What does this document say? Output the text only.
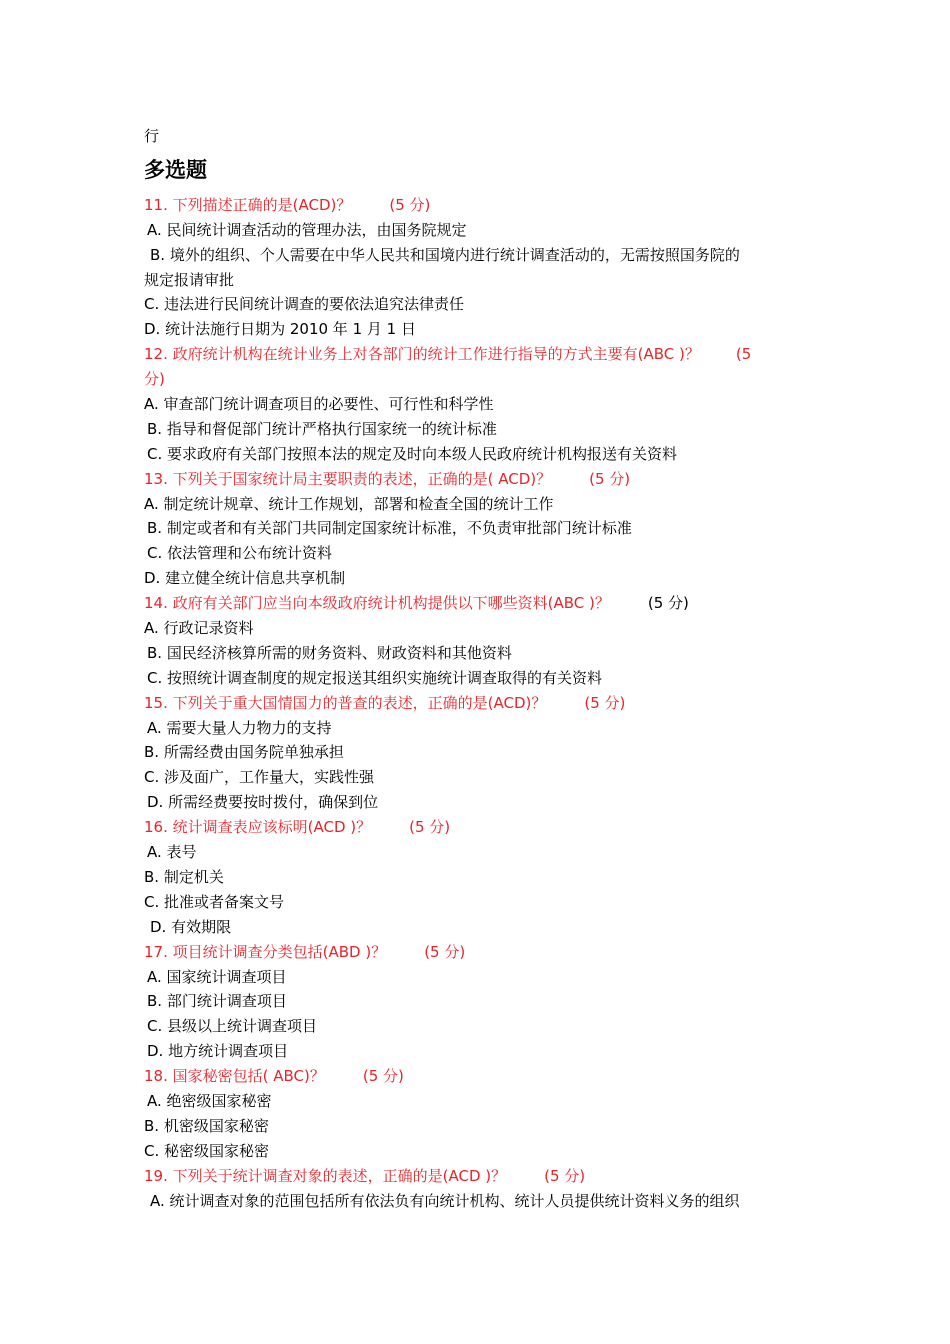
行
多选题
11. 下列描述正确的是(ACD)？	(5 分)
A. 民间统计调查活动的管理办法，由国务院规定
B. 境外的组织、个人需要在中华人民共和国境内进行统计调查活动的，无需按照国务院的
规定报请审批
C. 违法进行民间统计调查的要依法追究法律责任
D. 统计法施行日期为 2010 年 1 月 1 日
12. 政府统计机构在统计业务上对各部门的统计工作进行指导的方式主要有(ABC )？ (5
分)
A. 审查部门统计调查项目的必要性、可行性和科学性
B. 指导和督促部门统计严格执行国家统一的统计标准
C. 要求政府有关部门按照本法的规定及时向本级人民政府统计机构报送有关资料
13. 下列关于国家统计局主要职责的表述，正确的是( ACD)？	(5 分)
A. 制定统计规章、统计工作规划，部署和检查全国的统计工作
B. 制定或者和有关部门共同制定国家统计标准，不负责审批部门统计标准
C. 依法管理和公布统计资料
D. 建立健全统计信息共享机制
14. 政府有关部门应当向本级政府统计机构提供以下哪些资料(ABC )？	(5 分)
A. 行政记录资料
B. 国民经济核算所需的财务资料、财政资料和其他资料
C. 按照统计调查制度的规定报送其组织实施统计调查取得的有关资料
15. 下列关于重大国情国力的普查的表述，正确的是(ACD)？	(5 分)
A. 需要大量人力物力的支持
B. 所需经费由国务院单独承担
C. 涉及面广，工作量大，实践性强
D. 所需经费要按时拨付，确保到位
16. 统计调查表应该标明(ACD )？	(5 分)
A. 表号
B. 制定机关
C. 批准或者备案文号
D. 有效期限
17. 项目统计调查分类包括(ABD )？	(5 分)
A. 国家统计调查项目
B. 部门统计调查项目
C. 县级以上统计调查项目
D. 地方统计调查项目
18. 国家秘密包括( ABC)？	(5 分)
A. 绝密级国家秘密
B. 机密级国家秘密
C. 秘密级国家秘密
19. 下列关于统计调查对象的表述，正确的是(ACD )？	(5 分)
A. 统计调查对象的范围包括所有依法负有向统计机构、统计人员提供统计资料义务的组织
